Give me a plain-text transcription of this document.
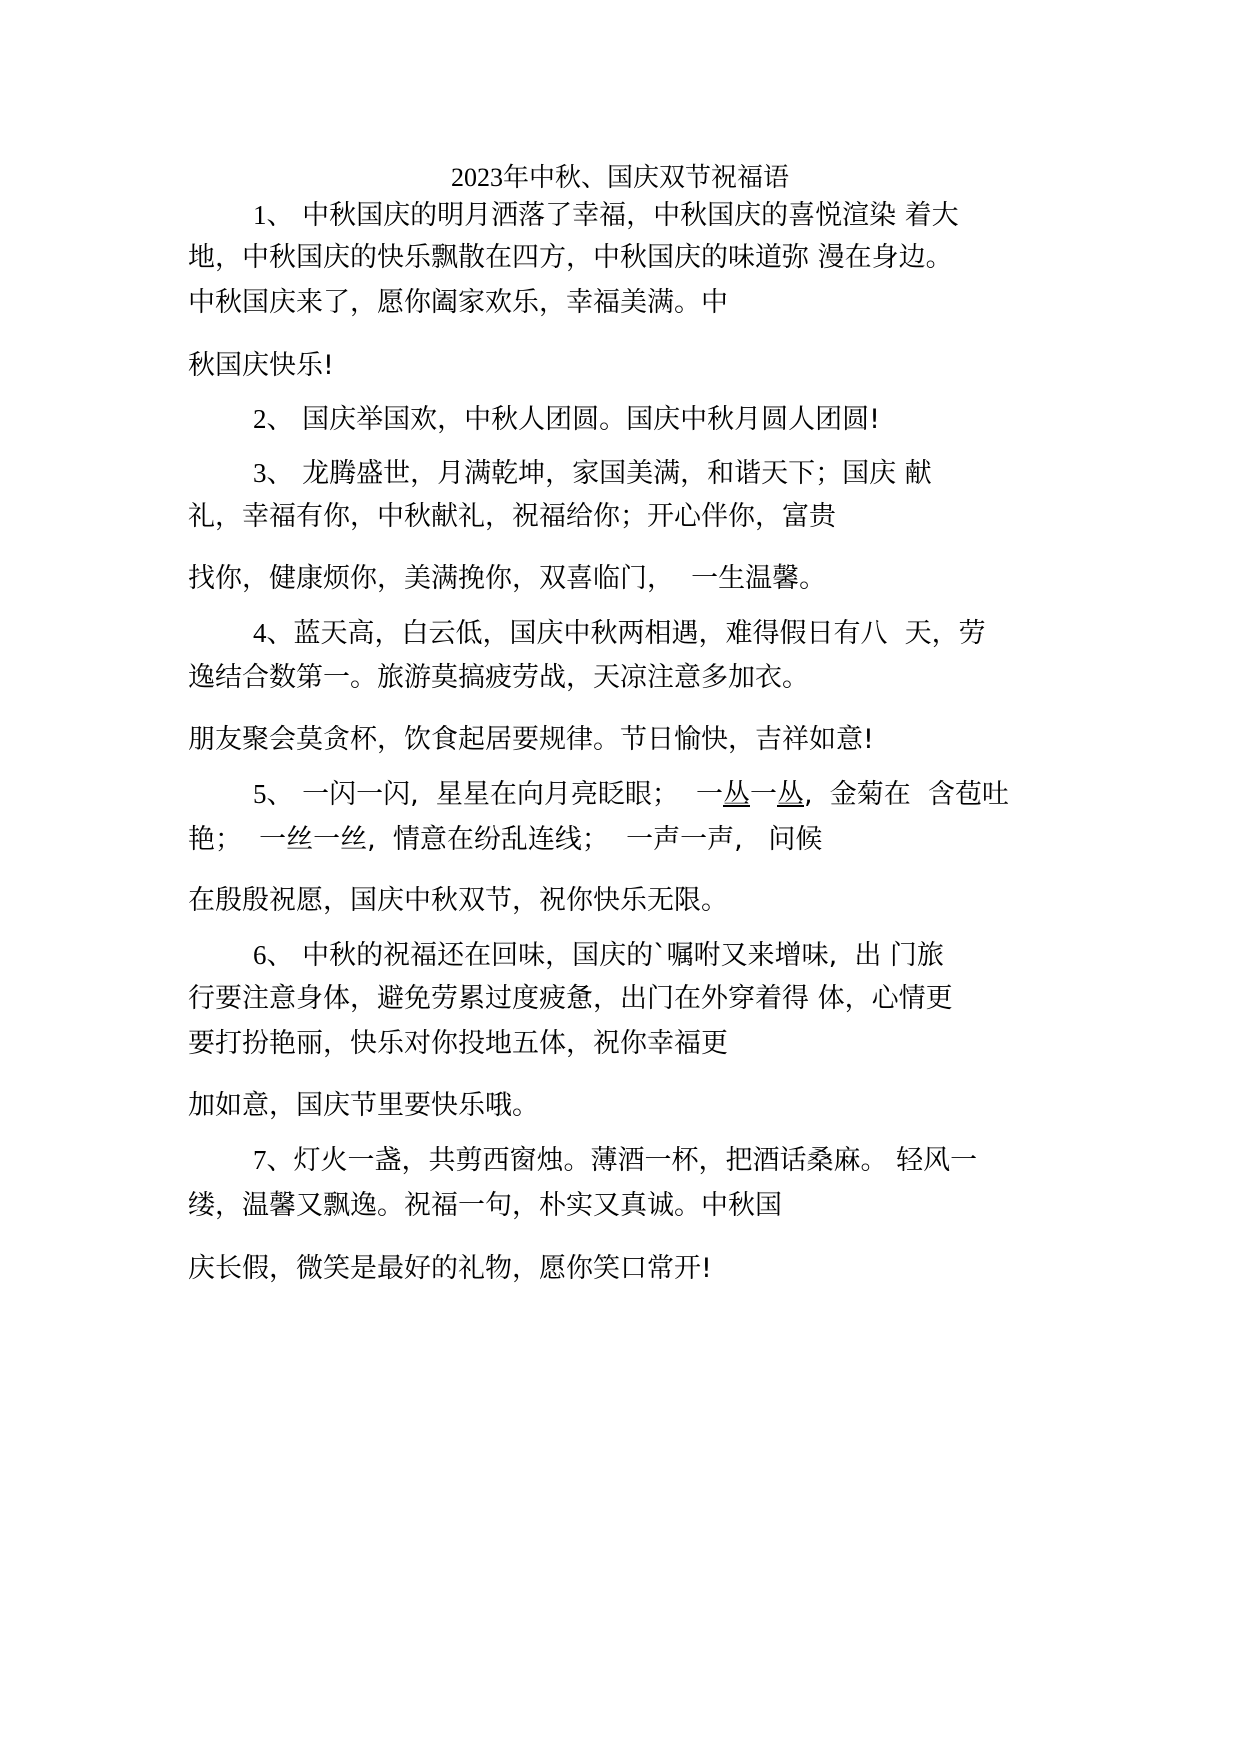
2023年中秋、国庆双节祝福语
1、 中秋国庆的明月洒落了幸福，中秋国庆的喜悦渲染 着大
地，中秋国庆的快乐飘散在四方，中秋国庆的味道弥 漫在身边。
中秋国庆来了，愿你阖家欢乐，幸福美满。中
秋国庆快乐!
2、 国庆举国欢，中秋人团圆。国庆中秋月圆人团圆!
3、 龙腾盛世，月满乾坤，家国美满，和谐天下；国庆 献
礼，幸福有你，中秋献礼，祝福给你；开心伴你，富贵
找你，健康烦你，美满挽你，双喜临门，  一生温馨。
4、蓝天高，白云低，国庆中秋两相遇，难得假日有八  天，劳
逸结合数第一。旅游莫搞疲劳战，天凉注意多加衣。
朋友聚会莫贪杯，饮食起居要规律。节日愉快，吉祥如意!
5、 一闪一闪,  星星在向月亮眨眼；  一丛一丛,  金菊在  含苞吐
艳；  一丝一丝,  情意在纷乱连线；  一声一声,   问候
在殷殷祝愿，国庆中秋双节，祝你快乐无限。
6、 中秋的祝福还在回味，国庆的`嘱咐又来增味,  出 门旅
行要注意身体，避免劳累过度疲惫，出门在外穿着得 体，心情更
要打扮艳丽，快乐对你投地五体，祝你幸福更
加如意，国庆节里要快乐哦。
7、灯火一盏，共剪西窗烛。薄酒一杯，把酒话桑麻。 轻风一
缕，温馨又飘逸。祝福一句，朴实又真诚。中秋国
庆长假，微笑是最好的礼物，愿你笑口常开!
